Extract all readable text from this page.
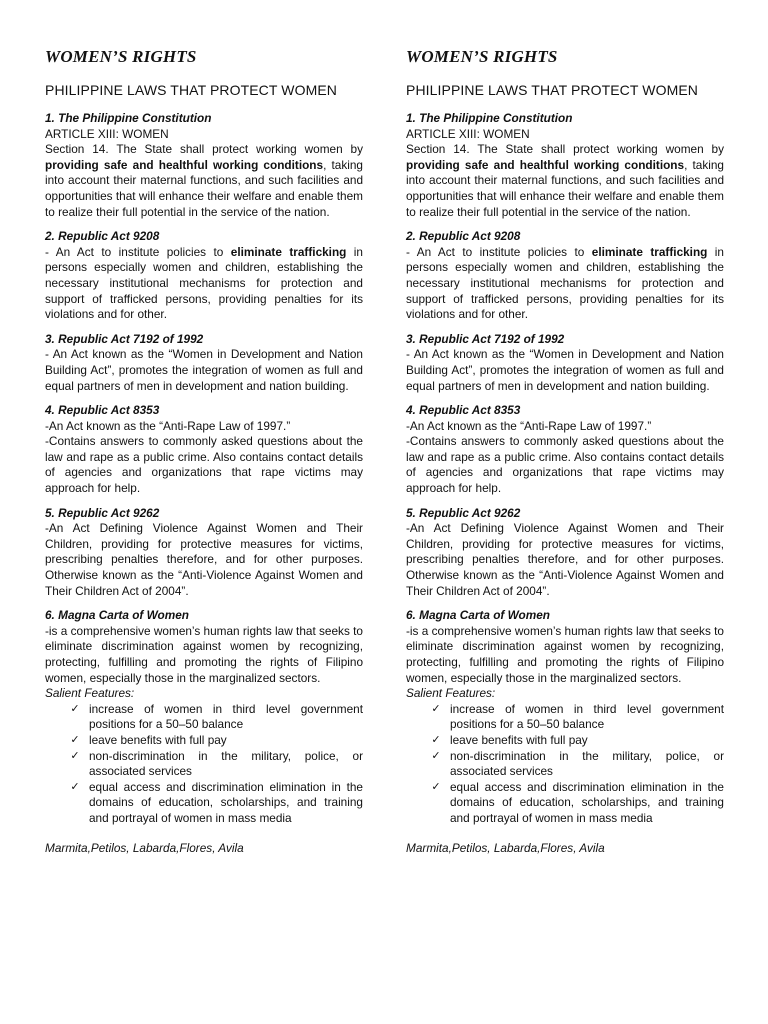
WOMEN’S RIGHTS
PHILIPPINE LAWS THAT PROTECT WOMEN
1. The Philippine Constitution
ARTICLE XIII: WOMEN

Section 14. The State shall protect working women by providing safe and healthful working conditions, taking into account their maternal functions, and such facilities and opportunities that will enhance their welfare and enable them to realize their full potential in the service of the nation.

2. Republic Act 9208

- An Act to institute policies to eliminate trafficking in persons especially women and children, establishing the necessary institutional mechanisms for protection and support of trafficked persons, providing penalties for its violations and for other.

3. Republic Act 7192 of 1992

- An Act known as the “Women in Development and Nation Building Act”, promotes the integration of women as full and equal partners of men in development and nation building.

4. Republic Act 8353

-An Act known as the “Anti-Rape Law of 1997.”

-Contains answers to commonly asked questions about the law and rape as a public crime. Also contains contact details of agencies and organizations that rape victims may approach for help.

5. Republic Act 9262

-An Act Defining Violence Against Women and Their Children, providing for protective measures for victims, prescribing penalties therefore, and for other purposes. Otherwise known as the “Anti-Violence Against Women and Their Children Act of 2004”.

6. Magna Carta of Women

-is a comprehensive women’s human rights law that seeks to eliminate discrimination against women by recognizing, protecting, fulfilling and promoting the rights of Filipino women, especially those in the marginalized sectors.

Salient Features:
✓ increase of women in third level government positions for a 50–50 balance
✓ leave benefits with full pay
✓ non-discrimination in the military, police, or associated services
✓ equal access and discrimination elimination in the domains of education, scholarships, and training and portrayal of women in mass media
Marmita,Petilos, Labarda,Flores, Avila
WOMEN’S RIGHTS
PHILIPPINE LAWS THAT PROTECT WOMEN
1. The Philippine Constitution
ARTICLE XIII: WOMEN

Section 14. The State shall protect working women by providing safe and healthful working conditions, taking into account their maternal functions, and such facilities and opportunities that will enhance their welfare and enable them to realize their full potential in the service of the nation.

2. Republic Act 9208

- An Act to institute policies to eliminate trafficking in persons especially women and children, establishing the necessary institutional mechanisms for protection and support of trafficked persons, providing penalties for its violations and for other.

3. Republic Act 7192 of 1992

- An Act known as the “Women in Development and Nation Building Act”, promotes the integration of women as full and equal partners of men in development and nation building.

4. Republic Act 8353

-An Act known as the “Anti-Rape Law of 1997.”

-Contains answers to commonly asked questions about the law and rape as a public crime. Also contains contact details of agencies and organizations that rape victims may approach for help.

5. Republic Act 9262

-An Act Defining Violence Against Women and Their Children, providing for protective measures for victims, prescribing penalties therefore, and for other purposes. Otherwise known as the “Anti-Violence Against Women and Their Children Act of 2004”.

6. Magna Carta of Women

-is a comprehensive women’s human rights law that seeks to eliminate discrimination against women by recognizing, protecting, fulfilling and promoting the rights of Filipino women, especially those in the marginalized sectors.

Salient Features:
✓ increase of women in third level government positions for a 50–50 balance
✓ leave benefits with full pay
✓ non-discrimination in the military, police, or associated services
✓ equal access and discrimination elimination in the domains of education, scholarships, and training and portrayal of women in mass media
Marmita,Petilos, Labarda,Flores, Avila
